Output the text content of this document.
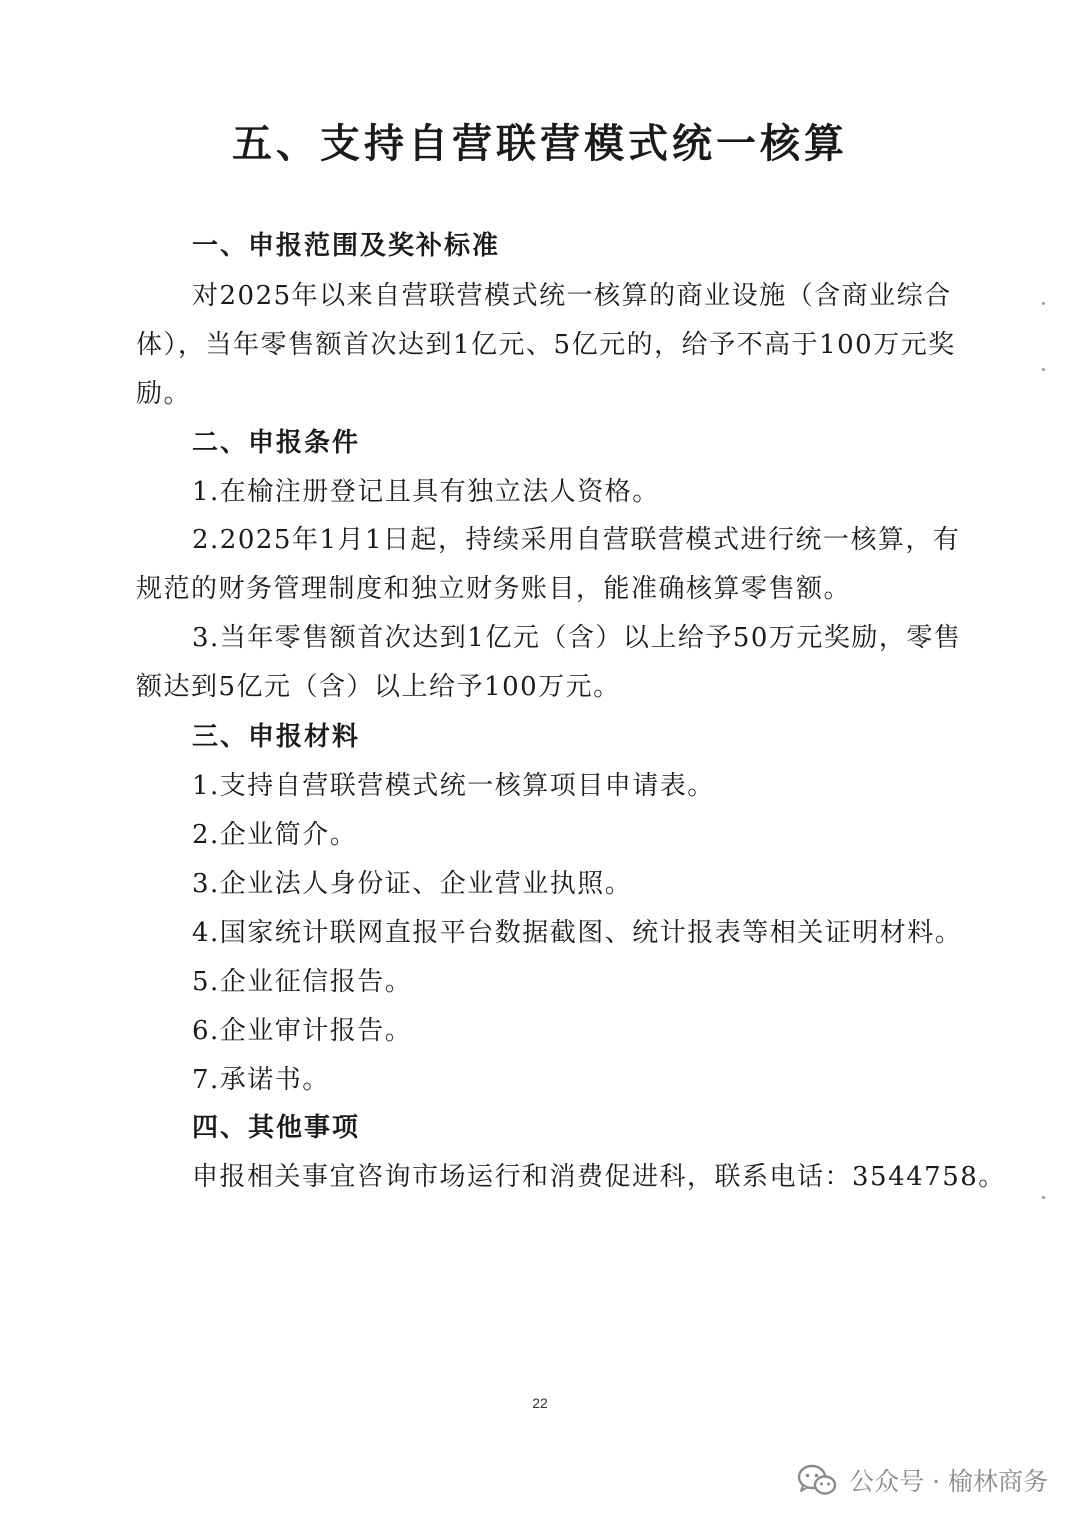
五、支持自营联营模式统一核算
一、申报范围及奖补标准
对2025年以来自营联营模式统一核算的商业设施（含商业综合体），当年零售额首次达到1亿元、5亿元的，给予不高于100万元奖励。
二、申报条件
1.在榆注册登记且具有独立法人资格。
2.2025年1月1日起，持续采用自营联营模式进行统一核算，有规范的财务管理制度和独立财务账目，能准确核算零售额。
3.当年零售额首次达到1亿元（含）以上给予50万元奖励，零售额达到5亿元（含）以上给予100万元。
三、申报材料
1.支持自营联营模式统一核算项目申请表。
2.企业简介。
3.企业法人身份证、企业营业执照。
4.国家统计联网直报平台数据截图、统计报表等相关证明材料。
5.企业征信报告。
6.企业审计报告。
7.承诺书。
四、其他事项
申报相关事宜咨询市场运行和消费促进科，联系电话：3544758。
22
公众号 · 榆林商务
